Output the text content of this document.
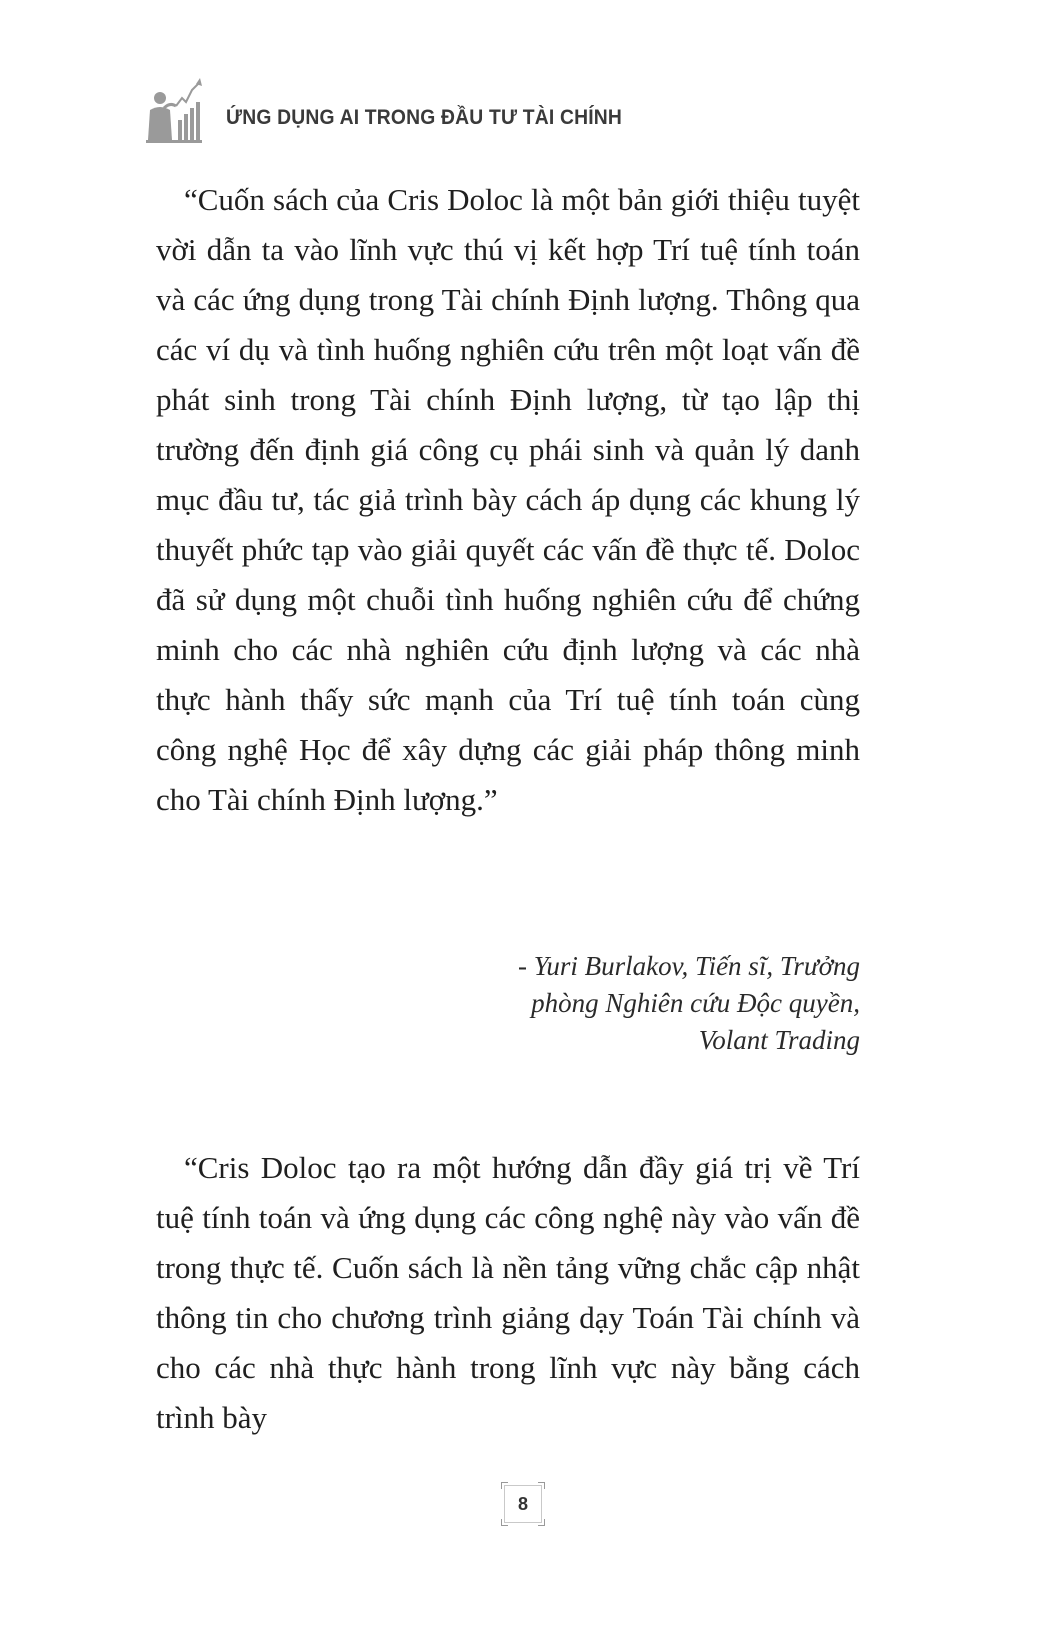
ỨNG DỤNG AI TRONG ĐẦU TƯ TÀI CHÍNH

“Cuốn sách của Cris Doloc là một bản giới thiệu tuyệt vời dẫn ta vào lĩnh vực thú vị kết hợp Trí tuệ tính toán và các ứng dụng trong Tài chính Định lượng. Thông qua các ví dụ và tình huống nghiên cứu trên một loạt vấn đề phát sinh trong Tài chính Định lượng, từ tạo lập thị trường đến định giá công cụ phái sinh và quản lý danh mục đầu tư, tác giả trình bày cách áp dụng các khung lý thuyết phức tạp vào giải quyết các vấn đề thực tế. Doloc đã sử dụng một chuỗi tình huống nghiên cứu để chứng minh cho các nhà nghiên cứu định lượng và các nhà thực hành thấy sức mạnh của Trí tuệ tính toán cùng công nghệ Học để xây dựng các giải pháp thông minh cho Tài chính Định lượng.”

- Yuri Burlakov, Tiến sĩ, Trưởng
phòng Nghiên cứu Độc quyền,
Volant Trading

“Cris Doloc tạo ra một hướng dẫn đầy giá trị về Trí tuệ tính toán và ứng dụng các công nghệ này vào vấn đề trong thực tế. Cuốn sách là nền tảng vững chắc cập nhật thông tin cho chương trình giảng dạy Toán Tài chính và cho các nhà thực hành trong lĩnh vực này bằng cách trình bày

8
